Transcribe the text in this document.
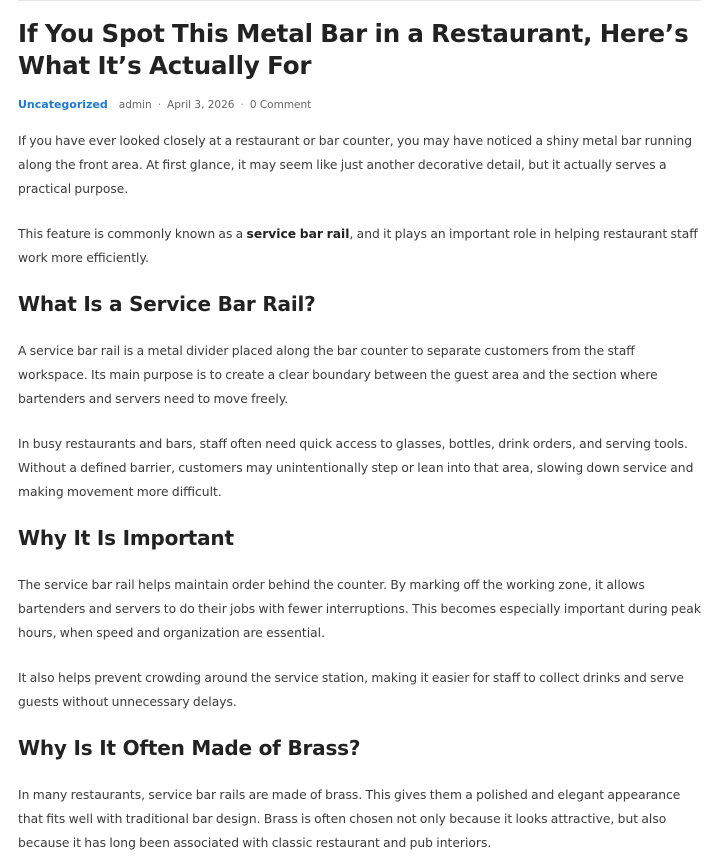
If You Spot This Metal Bar in a Restaurant, Here’s What It’s Actually For
Uncategorized admin · April 3, 2026 · 0 Comment

If you have ever looked closely at a restaurant or bar counter, you may have noticed a shiny metal bar running along the front area. At first glance, it may seem like just another decorative detail, but it actually serves a practical purpose.

This feature is commonly known as a service bar rail, and it plays an important role in helping restaurant staff work more efficiently.

What Is a Service Bar Rail?

A service bar rail is a metal divider placed along the bar counter to separate customers from the staff workspace. Its main purpose is to create a clear boundary between the guest area and the section where bartenders and servers need to move freely.

In busy restaurants and bars, staff often need quick access to glasses, bottles, drink orders, and serving tools. Without a defined barrier, customers may unintentionally step or lean into that area, slowing down service and making movement more difficult.

Why It Is Important

The service bar rail helps maintain order behind the counter. By marking off the working zone, it allows bartenders and servers to do their jobs with fewer interruptions. This becomes especially important during peak hours, when speed and organization are essential.

It also helps prevent crowding around the service station, making it easier for staff to collect drinks and serve guests without unnecessary delays.

Why Is It Often Made of Brass?

In many restaurants, service bar rails are made of brass. This gives them a polished and elegant appearance that fits well with traditional bar design. Brass is often chosen not only because it looks attractive, but also because it has long been associated with classic restaurant and pub interiors.
